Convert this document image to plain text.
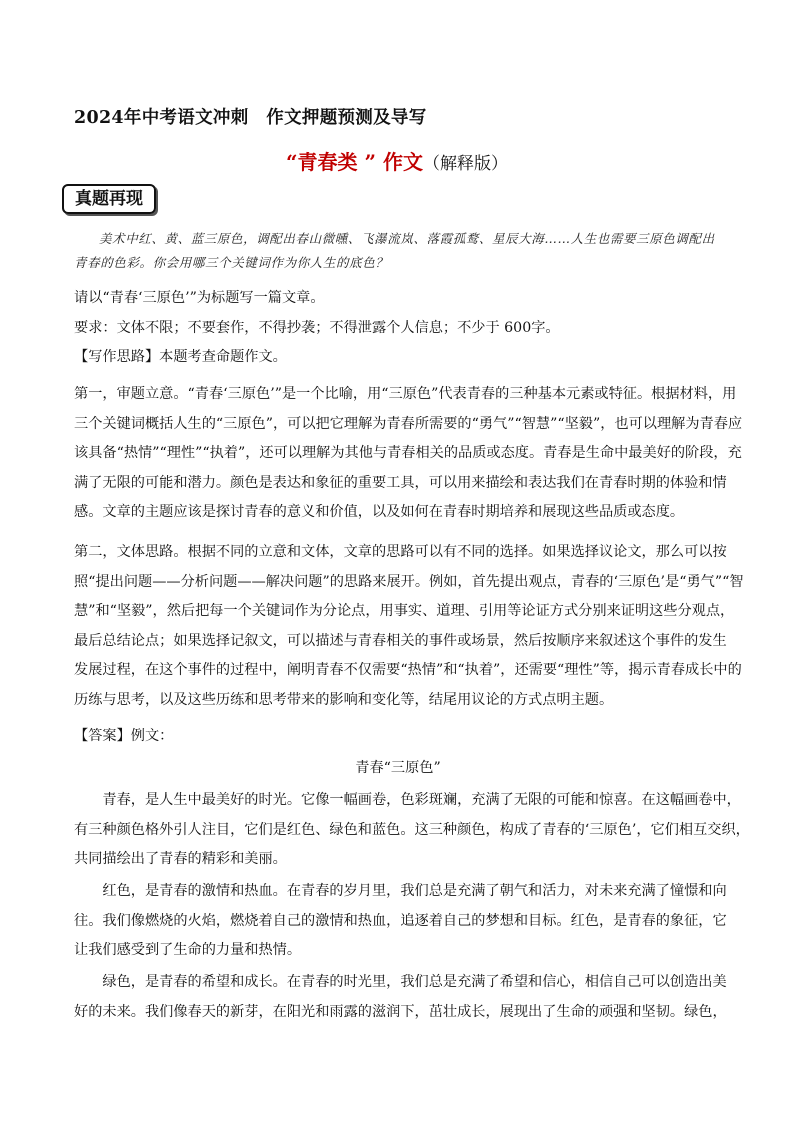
2024年中考语文冲刺　作文押题预测及导写
“青春类 ” 作文（解释版）
真题再现
美术中红、黄、蓝三原色，调配出春山微曛、飞瀑流岚、落霞孤鹜、星辰大海……人生也需要三原色调配出青春的色彩。你会用哪三个关键词作为你人生的底色？
请以“青春‘三原色’”为标题写一篇文章。
要求：文体不限；不要套作，不得抄袭；不得泄露个人信息；不少于 600字。
【写作思路】本题考查命题作文。
第一，审题立意。“青春‘三原色’”是一个比喻，用“三原色”代表青春的三种基本元素或特征。根据材料，用
三个关键词概括人生的“三原色”，可以把它理解为青春所需要的“勇气”“智慧”“坚毅”，也可以理解为青春应
该具备“热情”“理性”“执着”，还可以理解为其他与青春相关的品质或态度。青春是生命中最美好的阶段，充
满了无限的可能和潜力。颜色是表达和象征的重要工具，可以用来描绘和表达我们在青春时期的体验和情
感。文章的主题应该是探讨青春的意义和价值，以及如何在青春时期培养和展现这些品质或态度。
第二，文体思路。根据不同的立意和文体，文章的思路可以有不同的选择。如果选择议论文，那么可以按
照“提出问题——分析问题——解决问题”的思路来展开。例如，首先提出观点，青春的‘三原色’是“勇气”“智
慧”和“坚毅”，然后把每一个关键词作为分论点，用事实、道理、引用等论证方式分别来证明这些分观点，
最后总结论点；如果选择记叙文，可以描述与青春相关的事件或场景，然后按顺序来叙述这个事件的发生
发展过程，在这个事件的过程中，阐明青春不仅需要“热情”和“执着”，还需要“理性”等，揭示青春成长中的
历练与思考，以及这些历练和思考带来的影响和变化等，结尾用议论的方式点明主题。
【答案】例文：
青春“三原色”
青春，是人生中最美好的时光。它像一幅画卷，色彩斑斓，充满了无限的可能和惊喜。在这幅画卷中，
有三种颜色格外引人注目，它们是红色、绿色和蓝色。这三种颜色，构成了青春的‘三原色’，它们相互交织，
共同描绘出了青春的精彩和美丽。
红色，是青春的激情和热血。在青春的岁月里，我们总是充满了朝气和活力，对未来充满了憧憬和向
往。我们像燃烧的火焰，燃烧着自己的激情和热血，追逐着自己的梦想和目标。红色，是青春的象征，它
让我们感受到了生命的力量和热情。
绿色，是青春的希望和成长。在青春的时光里，我们总是充满了希望和信心，相信自己可以创造出美
好的未来。我们像春天的新芽，在阳光和雨露的滋润下，茁壮成长，展现出了生命的顽强和坚韧。绿色，
